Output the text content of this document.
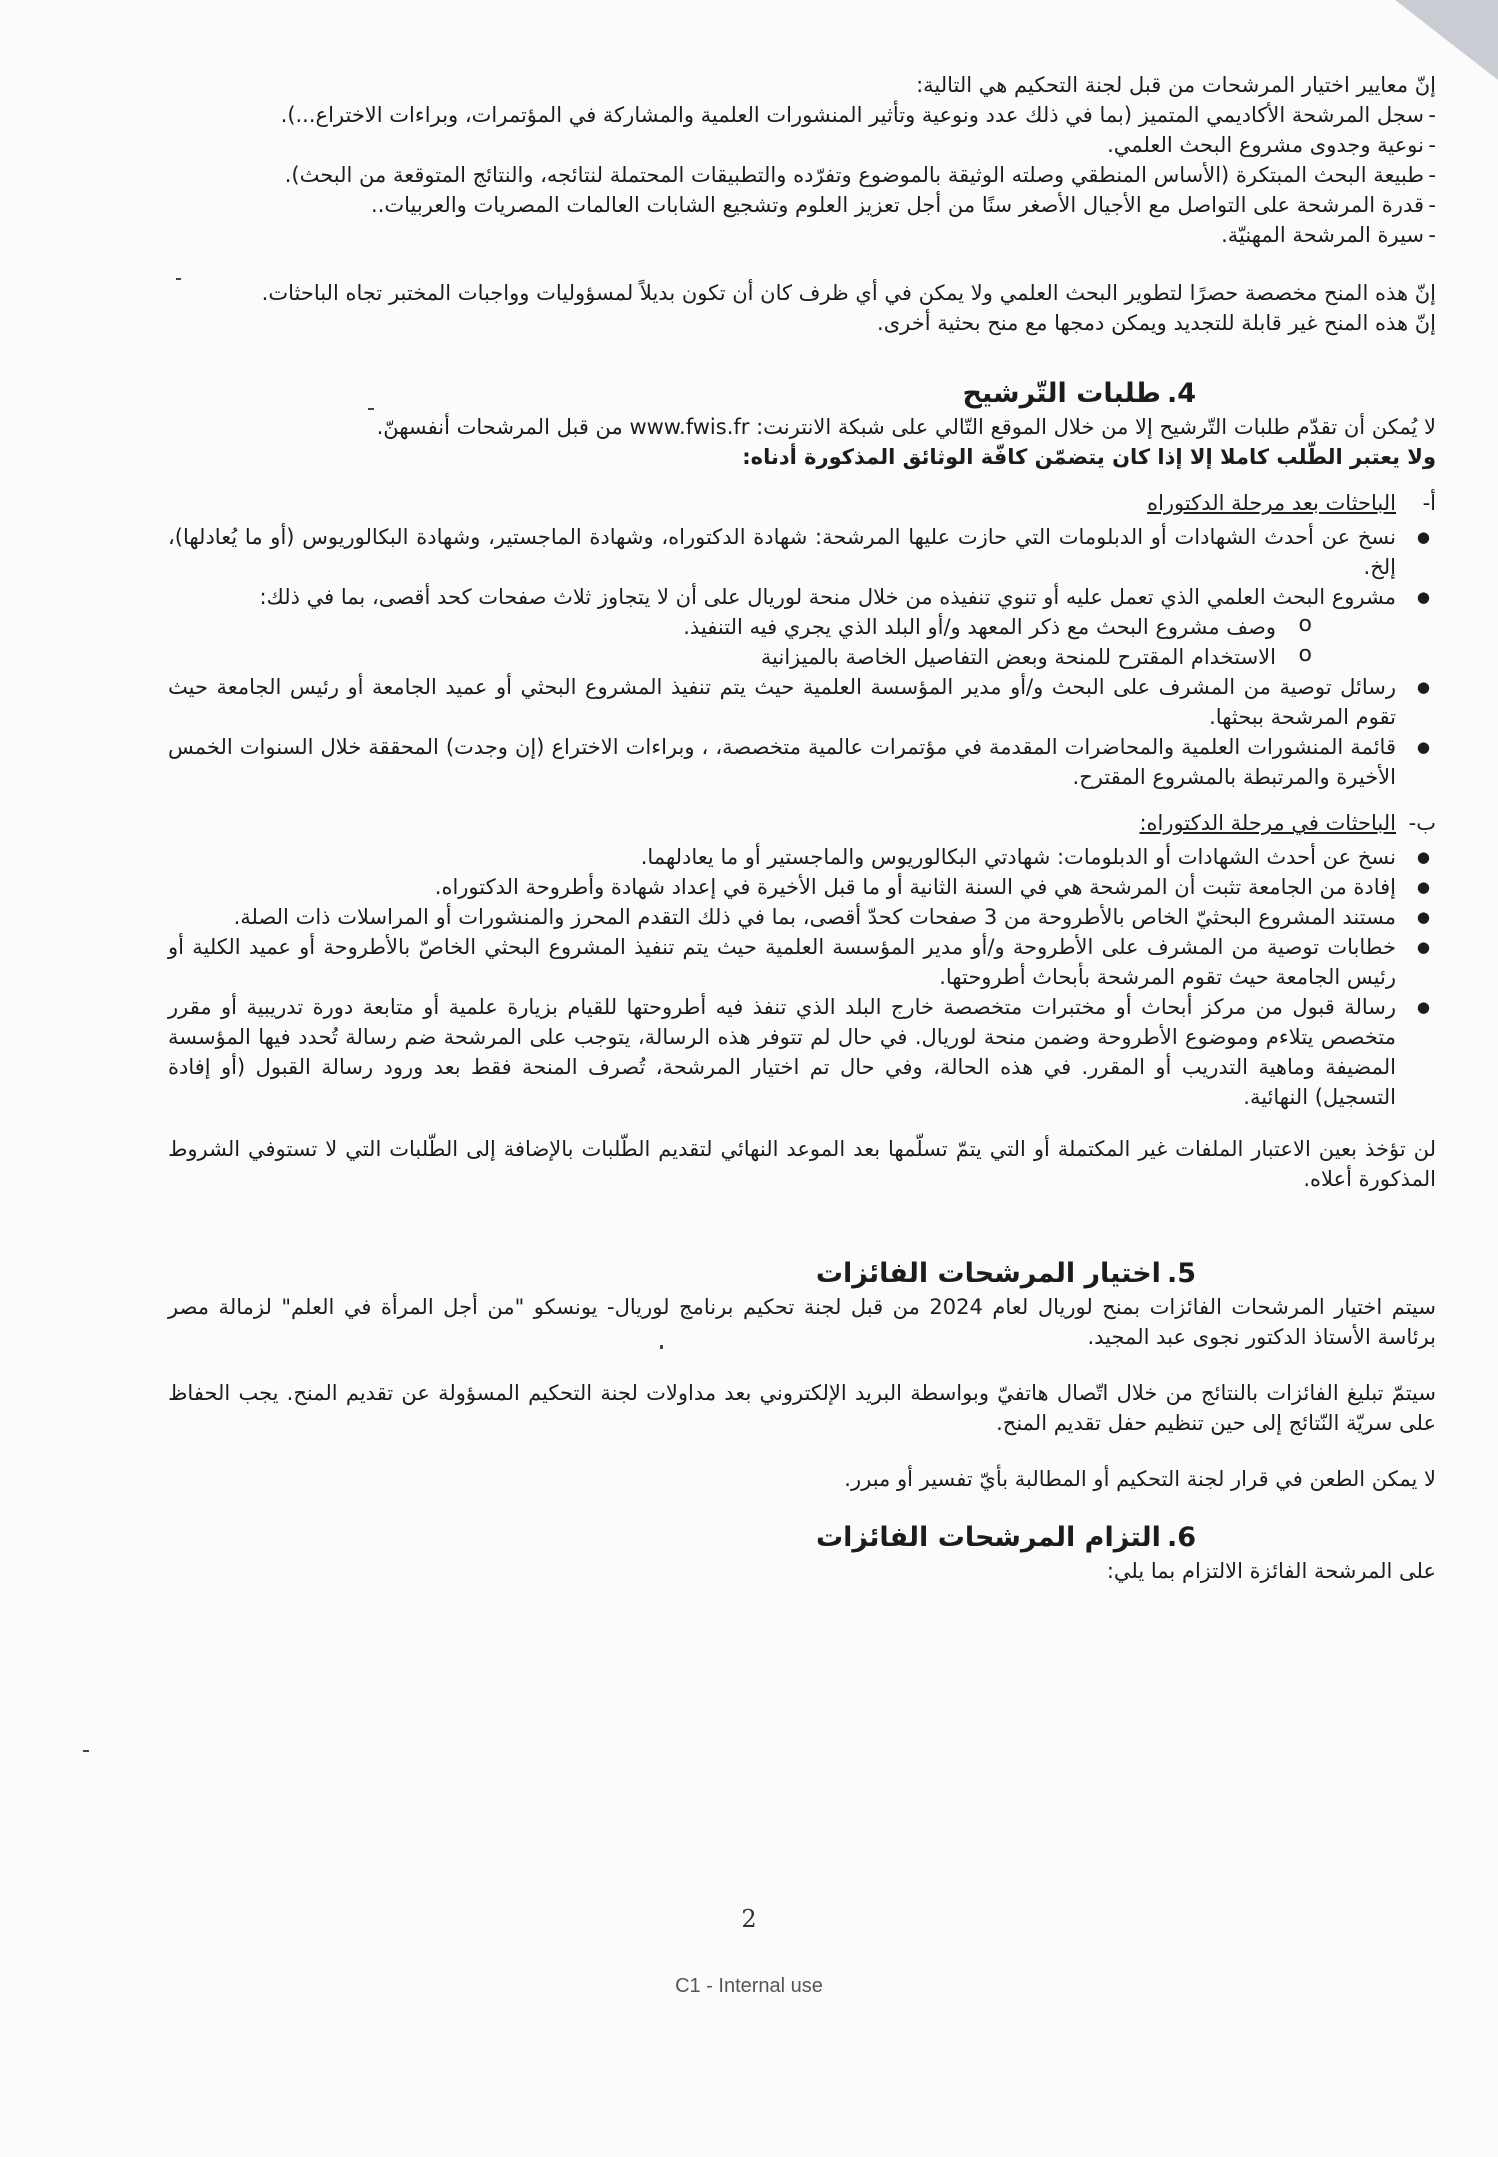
إنّ معايير اختيار المرشحات من قبل لجنة التحكيم هي التالية:

- سجل المرشحة الأكاديمي المتميز (بما في ذلك عدد ونوعية وتأثير المنشورات العلمية والمشاركة في المؤتمرات، وبراءات الاختراع...).
- نوعية وجدوى مشروع البحث العلمي.
- طبيعة البحث المبتكرة (الأساس المنطقي وصلته الوثيقة بالموضوع وتفرّده والتطبيقات المحتملة لنتائجه، والنتائج المتوقعة من البحث).
- قدرة المرشحة على التواصل مع الأجيال الأصغر سنًا من أجل تعزيز العلوم وتشجيع الشابات العالمات المصريات والعربيات..
- سيرة المرشحة المهنيّة.

إنّ هذه المنح مخصصة حصرًا لتطوير البحث العلمي ولا يمكن في أي ظرف كان أن تكون بديلاً لمسؤوليات وواجبات المختبر تجاه الباحثات.

إنّ هذه المنح غير قابلة للتجديد ويمكن دمجها مع منح بحثية أخرى.

4.طلبات التّرشيح

لا يُمكن أن تقدّم طلبات التّرشيح إلا من خلال الموقع التّالي على شبكة الانترنت: www.fwis.fr من قبل المرشحات أنفسهنّ.

ولا يعتبر الطّلب كاملا إلا إذا كان يتضمّن كافّة الوثائق المذكورة أدناه:

أ-الباحثات بعد مرحلة الدكتوراه
● نسخ عن أحدث الشهادات أو الدبلومات التي حازت عليها المرشحة: شهادة الدكتوراه، وشهادة الماجستير، وشهادة البكالوريوس (أو ما يُعادلها)، إلخ.
● مشروع البحث العلمي الذي تعمل عليه أو تنوي تنفيذه من خلال منحة لوريال على أن لا يتجاوز ثلاث صفحات كحد أقصى، بما في ذلك:
o وصف مشروع البحث مع ذكر المعهد و/أو البلد الذي يجري فيه التنفيذ.
o الاستخدام المقترح للمنحة وبعض التفاصيل الخاصة بالميزانية
● رسائل توصية من المشرف على البحث و/أو مدير المؤسسة العلمية حيث يتم تنفيذ المشروع البحثي أو عميد الجامعة أو رئيس الجامعة حيث تقوم المرشحة ببحثها.
● قائمة المنشورات العلمية والمحاضرات المقدمة في مؤتمرات عالمية متخصصة، ، وبراءات الاختراع (إن وجدت) المحققة خلال السنوات الخمس الأخيرة والمرتبطة بالمشروع المقترح.
ب-الباحثات في مرحلة الدكتوراه:
● نسخ عن أحدث الشهادات أو الدبلومات: شهادتي البكالوريوس والماجستير أو ما يعادلهما.
● إفادة من الجامعة تثبت أن المرشحة هي في السنة الثانية أو ما قبل الأخيرة في إعداد شهادة وأطروحة الدكتوراه.
● مستند المشروع البحثيّ الخاص بالأطروحة من 3 صفحات كحدّ أقصى، بما في ذلك التقدم المحرز والمنشورات أو المراسلات ذات الصلة.
● خطابات توصية من المشرف على الأطروحة و/أو مدير المؤسسة العلمية حيث يتم تنفيذ المشروع البحثي الخاصّ بالأطروحة أو عميد الكلية أو رئيس الجامعة حيث تقوم المرشحة بأبحاث أطروحتها.
● رسالة قبول من مركز أبحاث أو مختبرات متخصصة خارج البلد الذي تنفذ فيه أطروحتها للقيام بزيارة علمية أو متابعة دورة تدريبية أو مقرر متخصص يتلاءم وموضوع الأطروحة وضمن منحة لوريال. في حال لم تتوفر هذه الرسالة، يتوجب على المرشحة ضم رسالة تُحدد فيها المؤسسة المضيفة وماهية التدريب أو المقرر. في هذه الحالة، وفي حال تم اختيار المرشحة، تُصرف المنحة فقط بعد ورود رسالة القبول (أو إفادة التسجيل) النهائية.

لن تؤخذ بعين الاعتبار الملفات غير المكتملة أو التي يتمّ تسلّمها بعد الموعد النهائي لتقديم الطّلبات بالإضافة إلى الطّلبات التي لا تستوفي الشروط المذكورة أعلاه.

5.اختيار المرشحات الفائزات

سيتم اختيار المرشحات الفائزات بمنح لوريال لعام 2024 من قبل لجنة تحكيم برنامج لوريال- يونسكو "من أجل المرأة في العلم" لزمالة مصر برئاسة الأستاذ الدكتور نجوى عبد المجيد.

سيتمّ تبليغ الفائزات بالنتائج من خلال اتّصال هاتفيّ وبواسطة البريد الإلكتروني بعد مداولات لجنة التحكيم المسؤولة عن تقديم المنح. يجب الحفاظ على سريّة النّتائج إلى حين تنظيم حفل تقديم المنح.

لا يمكن الطعن في قرار لجنة التحكيم أو المطالبة بأيّ تفسير أو مبرر.

6.التزام المرشحات الفائزات

على المرشحة الفائزة الالتزام بما يلي:

2
C1 - Internal use
